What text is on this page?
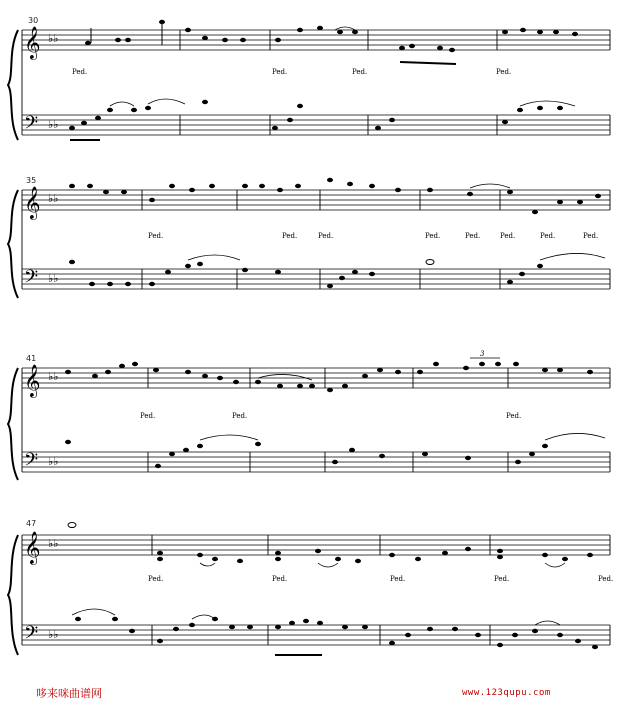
30
𝄞
𝄢
♭♭
♭♭
Ped.	Ped.	Ped.	Ped.
35
𝄞
𝄢
♭♭
♭♭
Ped.	Ped.	Ped.	Ped.	Ped.	Ped.	Ped.	Ped.
41
𝄞
𝄢
♭♭
♭♭
3
Ped.	Ped.	Ped.
47
𝄞
𝄢
♭♭
♭♭
Ped.	Ped.	Ped.	Ped.	Ped.
哆来咪曲谱网	www.123qupu.com
